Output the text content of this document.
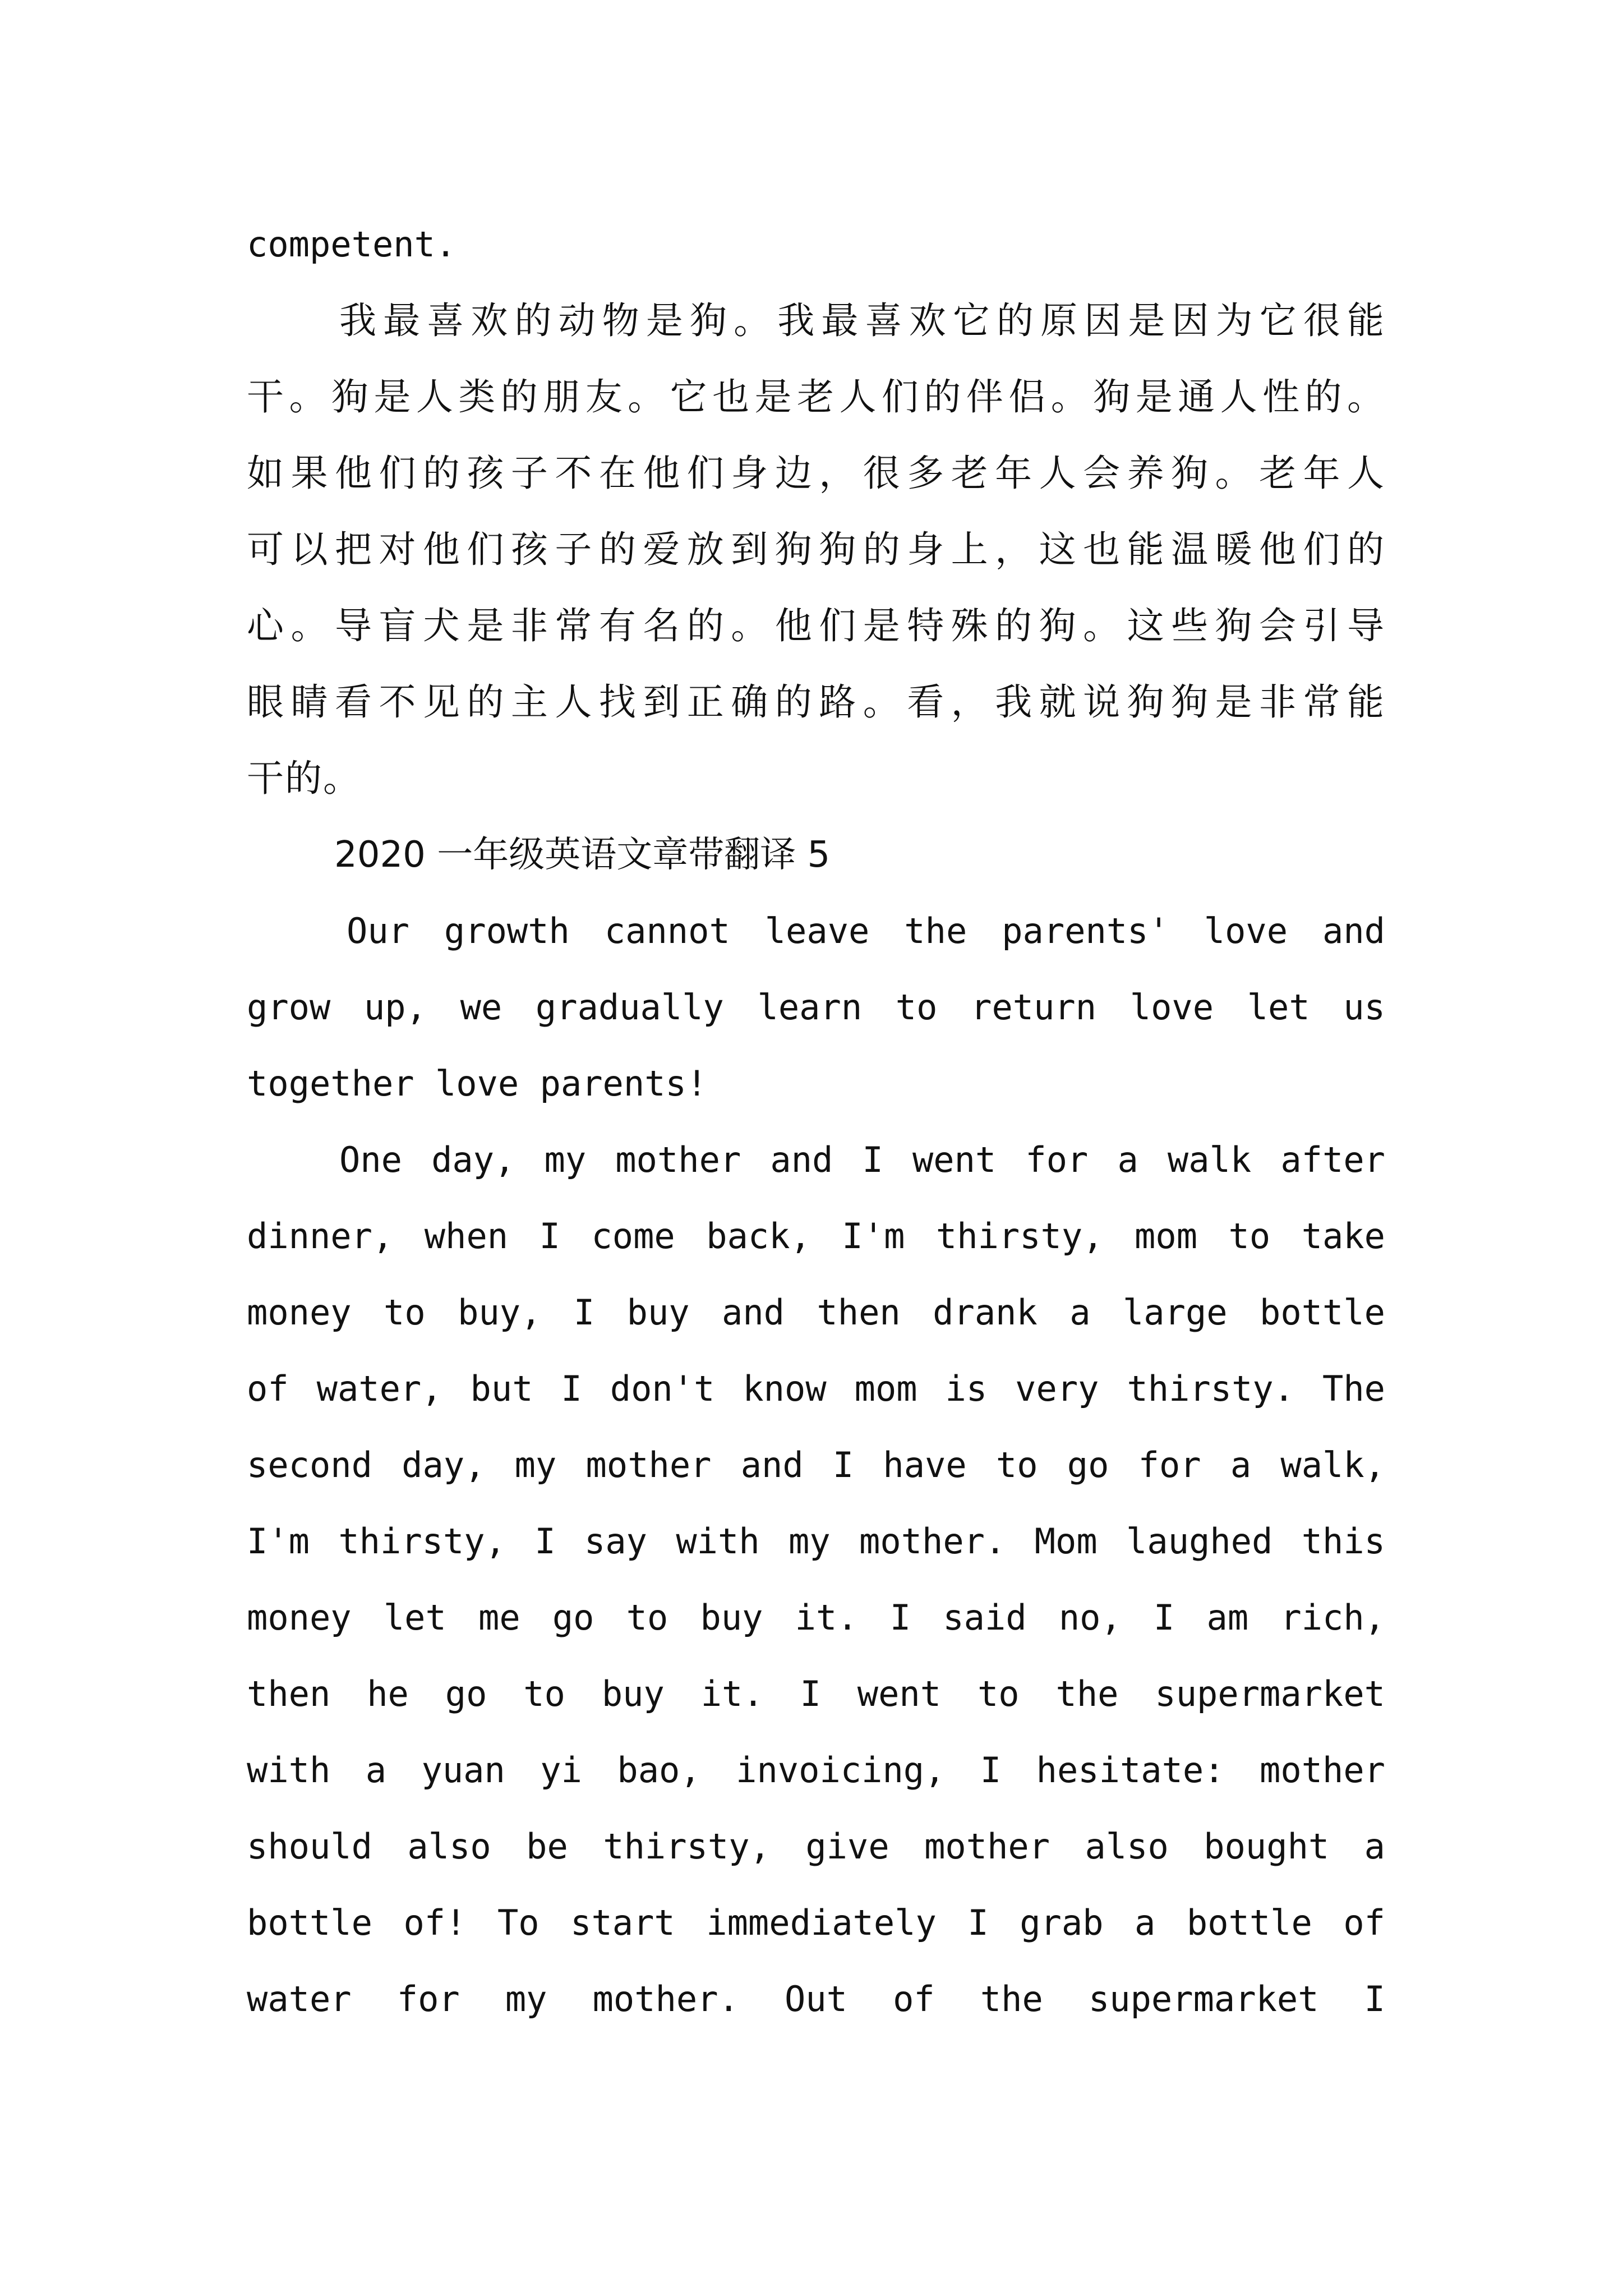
competent.
我最喜欢的动物是狗。我最喜欢它的原因是因为它很能
干。狗是人类的朋友。它也是老人们的伴侣。狗是通人性的。
如果他们的孩子不在他们身边，很多老年人会养狗。老年人
可以把对他们孩子的爱放到狗狗的身上，这也能温暖他们的
心。导盲犬是非常有名的。他们是特殊的狗。这些狗会引导
眼睛看不见的主人找到正确的路。看，我就说狗狗是非常能
干的。
2020 一年级英语文章带翻译 5
Our growth cannot leave the parents' love and
grow up, we gradually learn to return love let us
together love parents!
One day, my mother and I went for a walk after
dinner, when I come back, I'm thirsty, mom to take
money to buy, I buy and then drank a large bottle
of water, but I don't know mom is very thirsty. The
second day, my mother and I have to go for a walk,
I'm thirsty, I say with my mother. Mom laughed this
money let me go to buy it. I said no, I am rich,
then he go to buy it. I went to the supermarket
with a yuan yi bao, invoicing, I hesitate: mother
should also be thirsty, give mother also bought a
bottle of! To start immediately I grab a bottle of
water for my mother. Out of the supermarket I
